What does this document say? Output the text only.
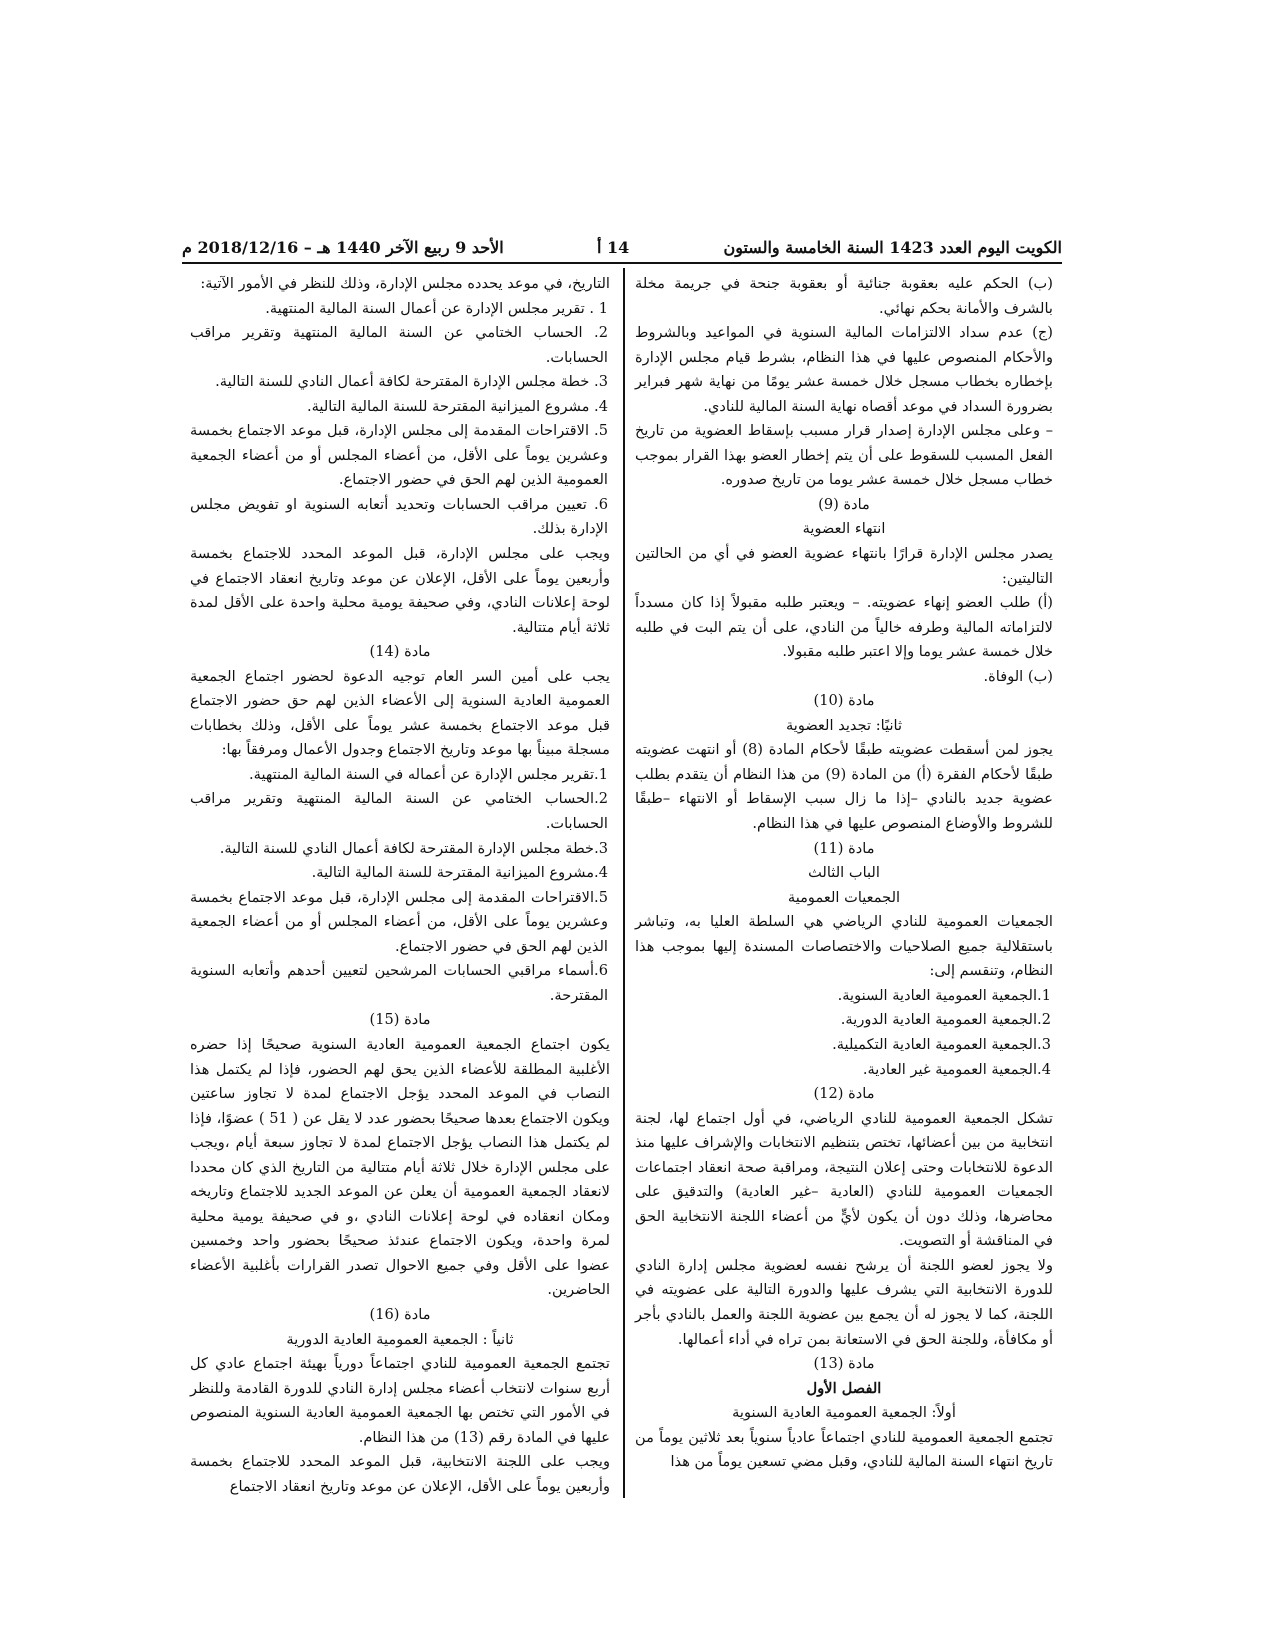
الكويت اليوم العدد 1423 السنة الخامسة والستون
14 أ
الأحد 9 ربيع الآخر 1440 هـ – 2018/12/16 م

(ب) الحكم عليه بعقوبة جنائية أو بعقوبة جنحة في جريمة مخلة بالشرف والأمانة بحكم نهائي.

(ج) عدم سداد الالتزامات المالية السنوية في المواعيد وبالشروط والأحكام المنصوص عليها في هذا النظام، بشرط قيام مجلس الإدارة بإخطاره بخطاب مسجل خلال خمسة عشر يومًا من نهاية شهر فبراير بضرورة السداد في موعد أقصاه نهاية السنة المالية للنادي.

– وعلى مجلس الإدارة إصدار قرار مسبب بإسقاط العضوية من تاريخ الفعل المسبب للسقوط على أن يتم إخطار العضو بهذا القرار بموجب خطاب مسجل خلال خمسة عشر يوما من تاريخ صدوره.

مادة (9)

انتهاء العضوية

يصدر مجلس الإدارة قرارًا بانتهاء عضوية العضو في أي من الحالتين التاليتين:

(أ) طلب العضو إنهاء عضويته. – ويعتبر طلبه مقبولاً إذا كان مسدداً لالتزاماته المالية وطرفه خالياً من النادي، على أن يتم البت في طلبه خلال خمسة عشر يوما وإلا اعتبر طلبه مقبولا.

(ب) الوفاة.

مادة (10)

ثانيًا: تجديد العضوية

يجوز لمن أسقطت عضويته طبقًا لأحكام المادة (8) أو انتهت عضويته طبقًا لأحكام الفقرة (أ) من المادة (9) من هذا النظام أن يتقدم بطلب عضوية جديد بالنادي –إذا ما زال سبب الإسقاط أو الانتهاء –طبقًا للشروط والأوضاع المنصوص عليها في هذا النظام.

مادة (11)

الباب الثالث

الجمعيات العمومية

الجمعيات العمومية للنادي الرياضي هي السلطة العليا به، وتباشر باستقلالية جميع الصلاحيات والاختصاصات المسندة إليها بموجب هذا النظام، وتنقسم إلى:

1.الجمعية العمومية العادية السنوية.

2.الجمعية العمومية العادية الدورية.

3.الجمعية العمومية العادية التكميلية.

4.الجمعية العمومية غير العادية.

مادة (12)

تشكل الجمعية العمومية للنادي الرياضي، في أول اجتماع لها، لجنة انتخابية من بين أعضائها، تختص بتنظيم الانتخابات والإشراف عليها منذ الدعوة للانتخابات وحتى إعلان النتيجة، ومراقبة صحة انعقاد اجتماعات الجمعيات العمومية للنادي (العادية –غير العادية) والتدقيق على محاضرها، وذلك دون أن يكون لأيٍّ من أعضاء اللجنة الانتخابية الحق في المناقشة أو التصويت.

ولا يجوز لعضو اللجنة أن يرشح نفسه لعضوية مجلس إدارة النادي للدورة الانتخابية التي يشرف عليها والدورة التالية على عضويته في اللجنة، كما لا يجوز له أن يجمع بين عضوية اللجنة والعمل بالنادي بأجر أو مكافأة، وللجنة الحق في الاستعانة بمن تراه في أداء أعمالها.

مادة (13)

الفصل الأول

أولاً: الجمعية العمومية العادية السنوية

تجتمع الجمعية العمومية للنادي اجتماعاً عادياً سنوياً بعد ثلاثين يوماً من تاريخ انتهاء السنة المالية للنادي، وقبل مضي تسعين يوماً من هذا

التاريخ، في موعد يحدده مجلس الإدارة، وذلك للنظر في الأمور الآتية:

1 . تقرير مجلس الإدارة عن أعمال السنة المالية المنتهية.

2. الحساب الختامي عن السنة المالية المنتهية وتقرير مراقب الحسابات.

3. خطة مجلس الإدارة المقترحة لكافة أعمال النادي للسنة التالية.

4. مشروع الميزانية المقترحة للسنة المالية التالية.

5. الاقتراحات المقدمة إلى مجلس الإدارة، قبل موعد الاجتماع بخمسة وعشرين يوماً على الأقل، من أعضاء المجلس أو من أعضاء الجمعية العمومية الذين لهم الحق في حضور الاجتماع.

6. تعيين مراقب الحسابات وتحديد أتعابه السنوية او تفويض مجلس الإدارة بذلك.

ويجب على مجلس الإدارة، قبل الموعد المحدد للاجتماع بخمسة وأربعين يوماً على الأقل، الإعلان عن موعد وتاريخ انعقاد الاجتماع في لوحة إعلانات النادي، وفي صحيفة يومية محلية واحدة على الأقل لمدة ثلاثة أيام متتالية.

مادة (14)

يجب على أمين السر العام توجيه الدعوة لحضور اجتماع الجمعية العمومية العادية السنوية إلى الأعضاء الذين لهم حق حضور الاجتماع قبل موعد الاجتماع بخمسة عشر يوماً على الأقل، وذلك بخطابات مسجلة مبيناً بها موعد وتاريخ الاجتماع وجدول الأعمال ومرفقاً بها:

1.تقرير مجلس الإدارة عن أعماله في السنة المالية المنتهية.

2.الحساب الختامي عن السنة المالية المنتهية وتقرير مراقب الحسابات.

3.خطة مجلس الإدارة المقترحة لكافة أعمال النادي للسنة التالية.

4.مشروع الميزانية المقترحة للسنة المالية التالية.

5.الاقتراحات المقدمة إلى مجلس الإدارة، قبل موعد الاجتماع بخمسة وعشرين يوماً على الأقل، من أعضاء المجلس أو من أعضاء الجمعية الذين لهم الحق في حضور الاجتماع.

6.أسماء مراقبي الحسابات المرشحين لتعيين أحدهم وأتعابه السنوية المقترحة.

مادة (15)

يكون اجتماع الجمعية العمومية العادية السنوية صحيحًا إذا حضره الأغلبية المطلقة للأعضاء الذين يحق لهم الحضور، فإذا لم يكتمل هذا النصاب في الموعد المحدد يؤجل الاجتماع لمدة لا تجاوز ساعتين ويكون الاجتماع بعدها صحيحًا بحضور عدد لا يقل عن ( 51 ) عضوًا، فإذا لم يكتمل هذا النصاب يؤجل الاجتماع لمدة لا تجاوز سبعة أيام ،ويجب على مجلس الإدارة خلال ثلاثة أيام متتالية من التاريخ الذي كان محددا لانعقاد الجمعية العمومية أن يعلن عن الموعد الجديد للاجتماع وتاريخه ومكان انعقاده في لوحة إعلانات النادي ،و في صحيفة يومية محلية لمرة واحدة، ويكون الاجتماع عندئذ صحيحًا بحضور واحد وخمسين عضوا على الأقل وفي جميع الاحوال تصدر القرارات بأغلبية الأعضاء الحاضرين.

مادة (16)

ثانياً : الجمعية العمومية العادية الدورية

تجتمع الجمعية العمومية للنادي اجتماعاً دورياً بهيئة اجتماع عادي كل أربع سنوات لانتخاب أعضاء مجلس إدارة النادي للدورة القادمة وللنظر في الأمور التي تختص بها الجمعية العمومية العادية السنوية المنصوص عليها في المادة رقم (13) من هذا النظام.

ويجب على اللجنة الانتخابية، قبل الموعد المحدد للاجتماع بخمسة وأربعين يوماً على الأقل، الإعلان عن موعد وتاريخ انعقاد الاجتماع
